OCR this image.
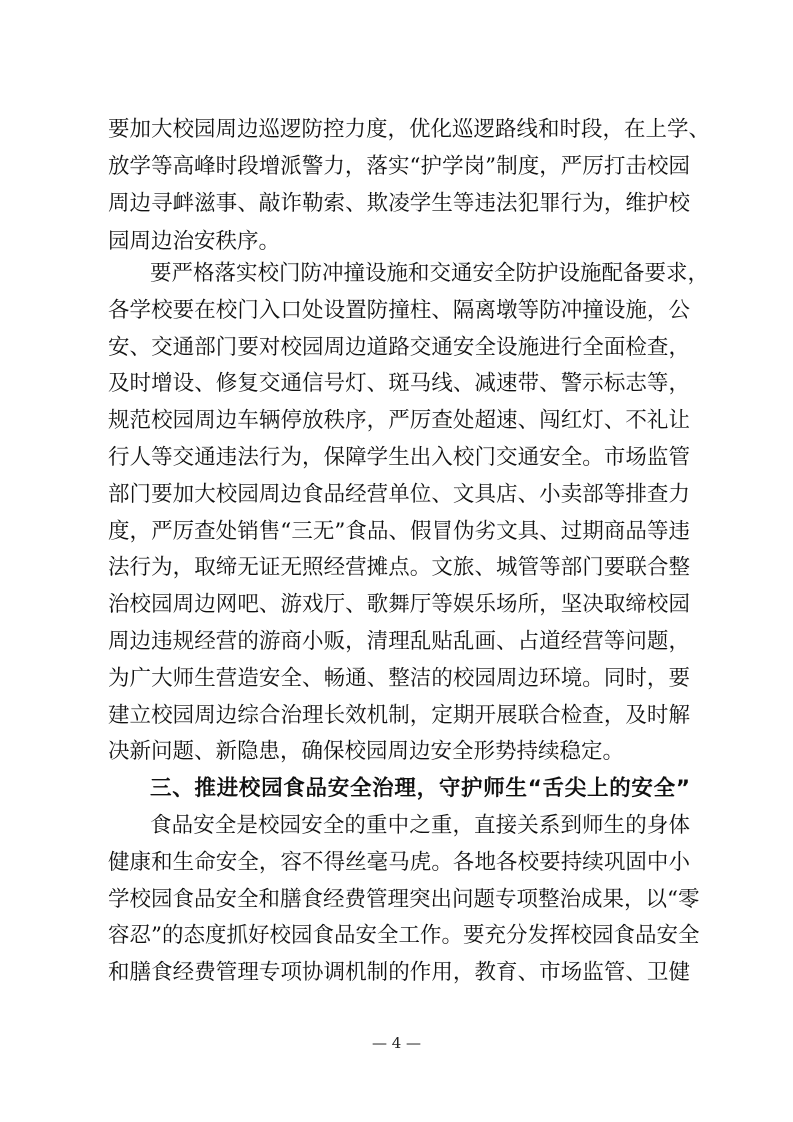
要加大校园周边巡逻防控力度，优化巡逻路线和时段，在上学、
放学等高峰时段增派警力，落实“护学岗”制度，严厉打击校园
周边寻衅滋事、敲诈勒索、欺凌学生等违法犯罪行为，维护校
园周边治安秩序。
要严格落实校门防冲撞设施和交通安全防护设施配备要求，
各学校要在校门入口处设置防撞柱、隔离墩等防冲撞设施，公
安、交通部门要对校园周边道路交通安全设施进行全面检查，
及时增设、修复交通信号灯、斑马线、减速带、警示标志等，
规范校园周边车辆停放秩序，严厉查处超速、闯红灯、不礼让
行人等交通违法行为，保障学生出入校门交通安全。市场监管
部门要加大校园周边食品经营单位、文具店、小卖部等排查力
度，严厉查处销售“三无”食品、假冒伪劣文具、过期商品等违
法行为，取缔无证无照经营摊点。文旅、城管等部门要联合整
治校园周边网吧、游戏厅、歌舞厅等娱乐场所，坚决取缔校园
周边违规经营的游商小贩，清理乱贴乱画、占道经营等问题，
为广大师生营造安全、畅通、整洁的校园周边环境。同时，要
建立校园周边综合治理长效机制，定期开展联合检查，及时解
决新问题、新隐患，确保校园周边安全形势持续稳定。
三、推进校园食品安全治理，守护师生“舌尖上的安全”
— 4 —
食品安全是校园安全的重中之重，直接关系到师生的身体
健康和生命安全，容不得丝毫马虎。各地各校要持续巩固中小
学校园食品安全和膳食经费管理突出问题专项整治成果，以“零
容忍”的态度抓好校园食品安全工作。要充分发挥校园食品安全
和膳食经费管理专项协调机制的作用，教育、市场监管、卫健
